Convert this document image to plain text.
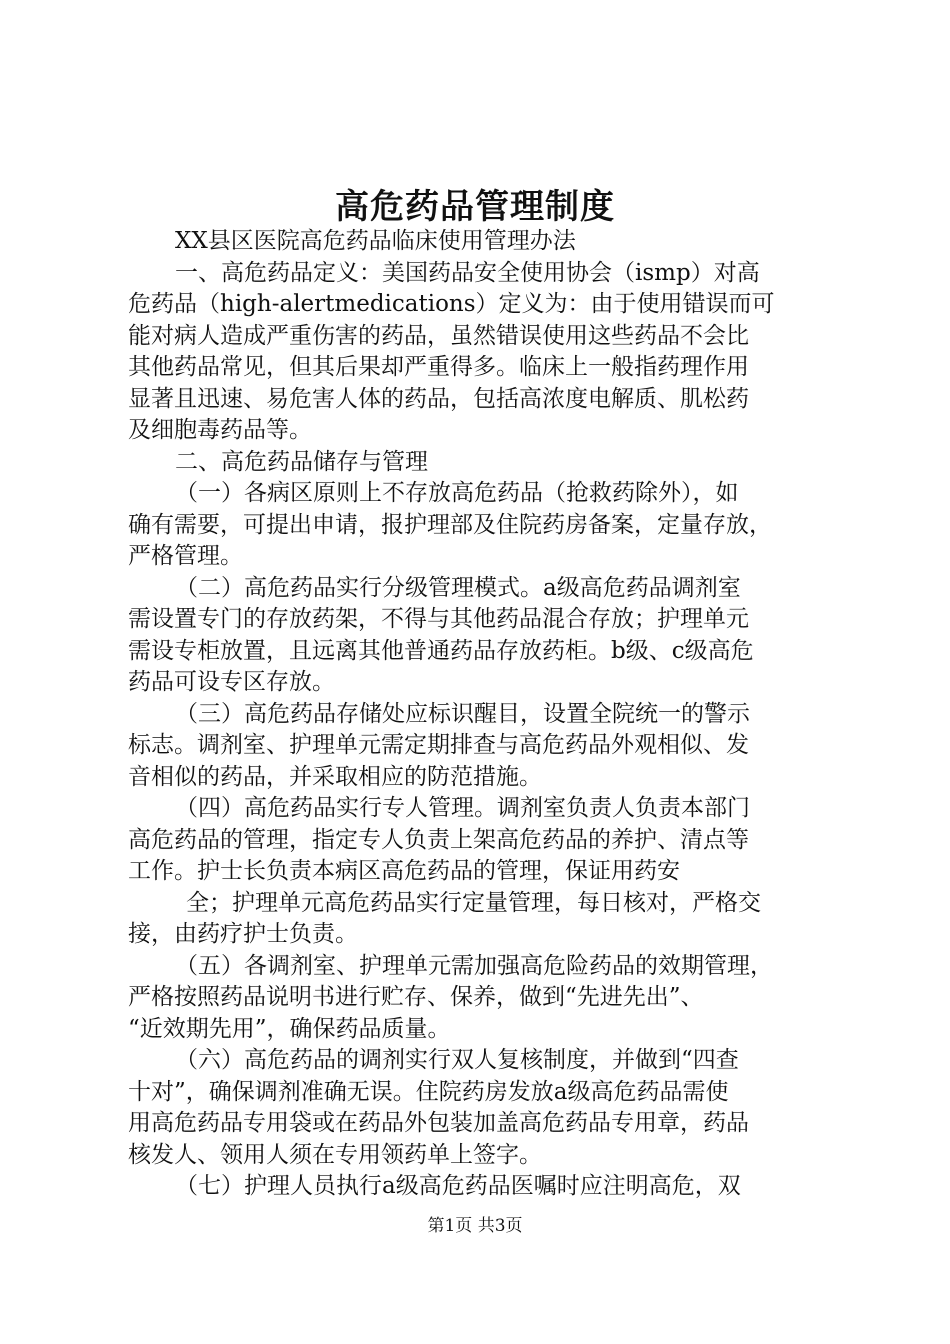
高危药品管理制度
XX县区医院高危药品临床使用管理办法
一、高危药品定义：美国药品安全使用协会（ismp）对高
危药品（high-alertmedications）定义为：由于使用错误而可
能对病人造成严重伤害的药品，虽然错误使用这些药品不会比
其他药品常见，但其后果却严重得多。临床上一般指药理作用
显著且迅速、易危害人体的药品，包括高浓度电解质、肌松药
及细胞毒药品等。
二、高危药品储存与管理
（一）各病区原则上不存放高危药品（抢救药除外），如
确有需要，可提出申请，报护理部及住院药房备案，定量存放，
严格管理。
（二）高危药品实行分级管理模式。a级高危药品调剂室
需设置专门的存放药架，不得与其他药品混合存放；护理单元
需设专柜放置，且远离其他普通药品存放药柜。b级、c级高危
药品可设专区存放。
（三）高危药品存储处应标识醒目，设置全院统一的警示
标志。调剂室、护理单元需定期排查与高危药品外观相似、发
音相似的药品，并采取相应的防范措施。
（四）高危药品实行专人管理。调剂室负责人负责本部门
高危药品的管理，指定专人负责上架高危药品的养护、清点等
工作。护士长负责本病区高危药品的管理，保证用药安
全；护理单元高危药品实行定量管理，每日核对，严格交
接，由药疗护士负责。
（五）各调剂室、护理单元需加强高危险药品的效期管理，
严格按照药品说明书进行贮存、保养，做到“先进先出”、
“近效期先用”，确保药品质量。
（六）高危药品的调剂实行双人复核制度，并做到“四查
十对”，确保调剂准确无误。住院药房发放a级高危药品需使
用高危药品专用袋或在药品外包装加盖高危药品专用章，药品
核发人、领用人须在专用领药单上签字。
（七）护理人员执行a级高危药品医嘱时应注明高危，双
第1页 共3页
